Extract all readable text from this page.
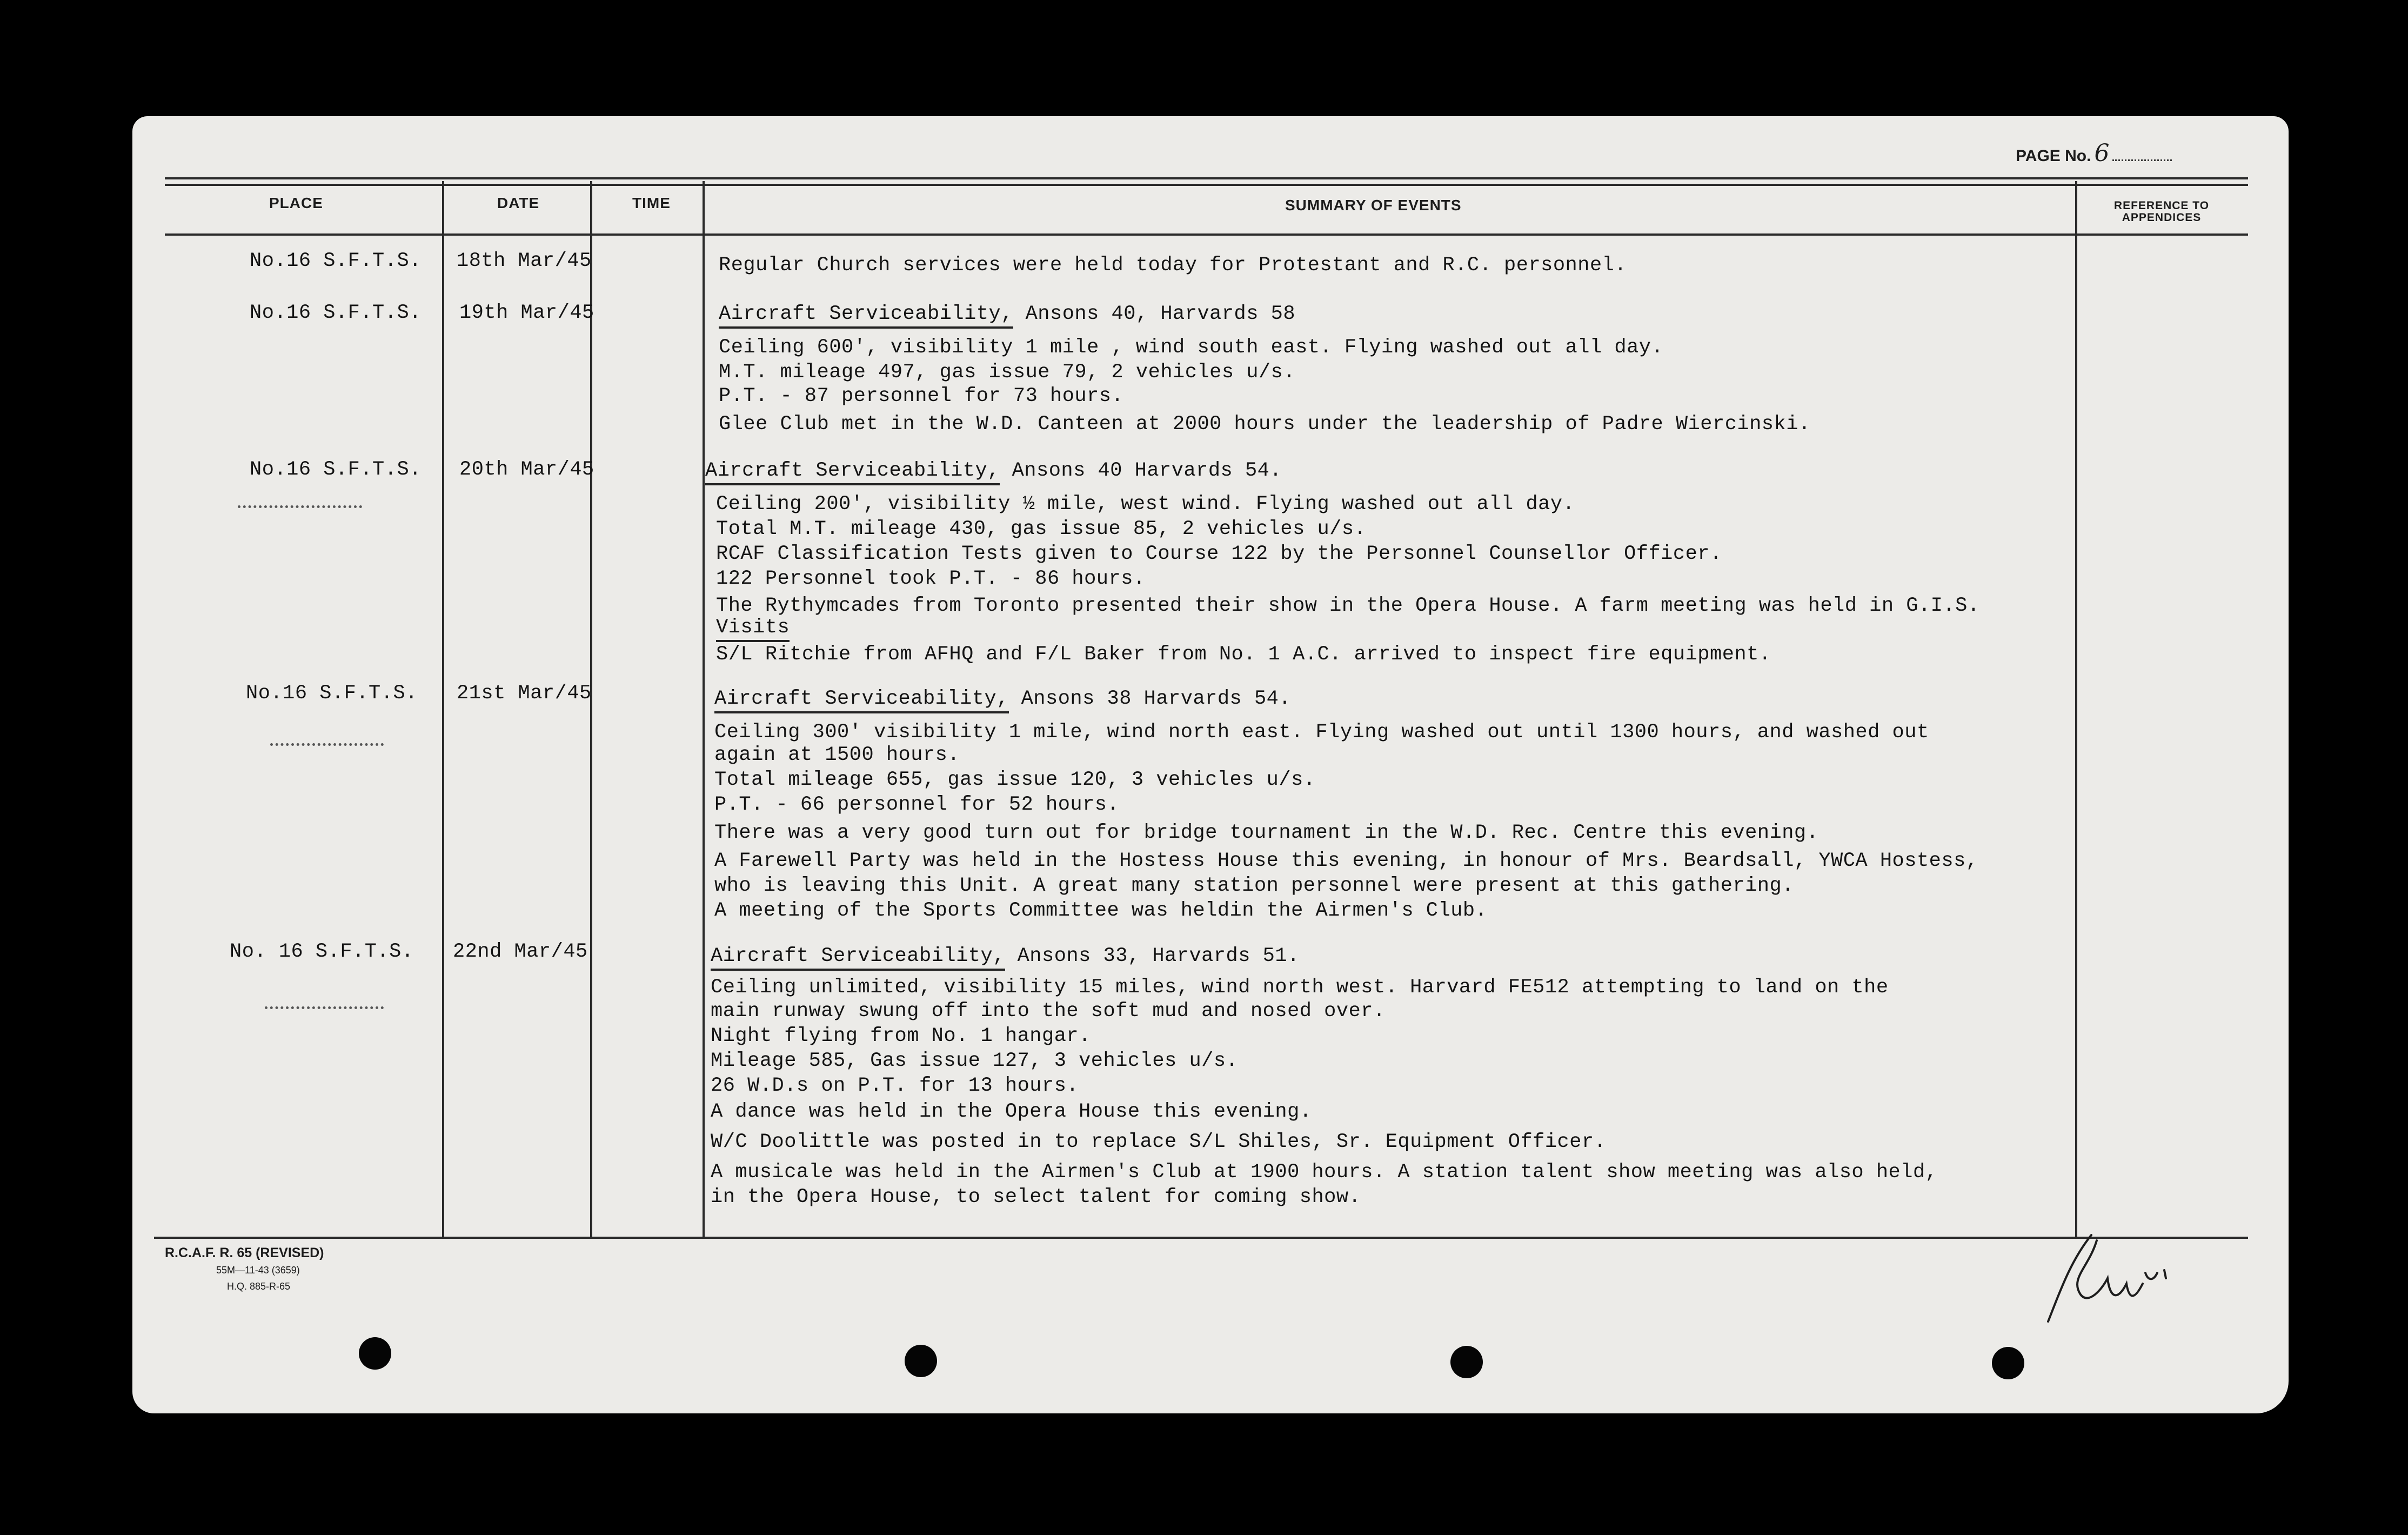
PAGE No. 6
PLACE	DATE	TIME	SUMMARY OF EVENTS	REFERENCE TO
APPENDICES
No.16 S.F.T.S. 18th Mar/45	Regular Church services were held today for Protestant and R.C. personnel.
No.16 S.F.T.S. 19th Mar/45	Aircraft Serviceability, Ansons 40, Harvards 58
Ceiling 600', visibility 1 mile , wind south east. Flying washed out all day.
M.T. mileage 497, gas issue 79, 2 vehicles u/s.
P.T. - 87 personnel for 73 hours.
Glee Club met in the W.D. Canteen at 2000 hours under the leadership of Padre Wiercinski.
No.16 S.F.T.S. 20th Mar/45	Aircraft Serviceability, Ansons 40 Harvards 54.
Ceiling 200', visibility ½ mile, west wind. Flying washed out all day.
Total M.T. mileage 430, gas issue 85, 2 vehicles u/s.
RCAF Classification Tests given to Course 122 by the Personnel Counsellor Officer.
122 Personnel took P.T. - 86 hours.
The Rythymcades from Toronto presented their show in the Opera House. A farm meeting was held in G.I.S.
Visits
S/L Ritchie from AFHQ and F/L Baker from No. 1 A.C. arrived to inspect fire equipment.
No.16 S.F.T.S. 21st Mar/45	Aircraft Serviceability, Ansons 38 Harvards 54.
Ceiling 300' visibility 1 mile, wind north east. Flying washed out until 1300 hours, and washed out
again at 1500 hours.
Total mileage 655, gas issue 120, 3 vehicles u/s.
P.T. - 66 personnel for 52 hours.
There was a very good turn out for bridge tournament in the W.D. Rec. Centre this evening.
A Farewell Party was held in the Hostess House this evening, in honour of Mrs. Beardsall, YWCA Hostess,
who is leaving this Unit. A great many station personnel were present at this gathering.
A meeting of the Sports Committee was heldin the Airmen's Club.
No. 16 S.F.T.S. 22nd Mar/45	Aircraft Serviceability, Ansons 33, Harvards 51.
Ceiling unlimited, visibility 15 miles, wind north west. Harvard FE512 attempting to land on the
main runway swung off into the soft mud and nosed over.
Night flying from No. 1 hangar.
Mileage 585, Gas issue 127, 3 vehicles u/s.
26 W.D.s on P.T. for 13 hours.
A dance was held in the Opera House this evening.
W/C Doolittle was posted in to replace S/L Shiles, Sr. Equipment Officer.
A musicale was held in the Airmen's Club at 1900 hours. A station talent show meeting was also held,
in the Opera House, to select talent for coming show.
R.C.A.F. R. 65 (REVISED)
55M—11-43 (3659)
H.Q. 885-R-65
